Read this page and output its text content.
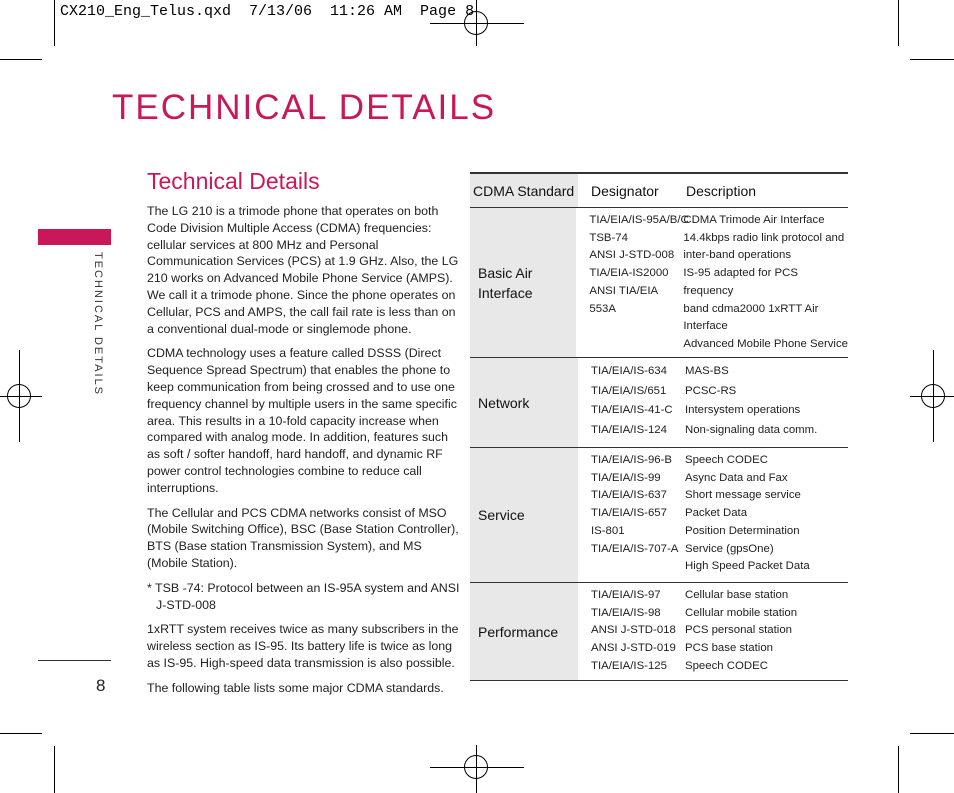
CX210_Eng_Telus.qxd  7/13/06  11:26 AM  Page 8
TECHNICAL DETAILS
TECHNICAL DETAILS
8
Technical Details

The LG 210 is a trimode phone that operates on both Code Division Multiple Access (CDMA) frequencies: cellular services at 800 MHz and Personal Communication Services (PCS) at 1.9 GHz. Also, the LG 210 works on Advanced Mobile Phone Service (AMPS). We call it a trimode phone. Since the phone operates on Cellular, PCS and AMPS, the call fail rate is less than on a conventional dual-mode or singlemode phone.

CDMA technology uses a feature called DSSS (Direct Sequence Spread Spectrum) that enables the phone to keep communication from being crossed and to use one frequency channel by multiple users in the same specific area. This results in a 10-fold capacity increase when compared with analog mode. In addition, features such as soft / softer handoff, hard handoff, and dynamic RF power control technologies combine to reduce call interruptions.

The Cellular and PCS CDMA networks consist of MSO (Mobile Switching Office), BSC (Base Station Controller), BTS (Base station Transmission System), and MS (Mobile Station).

* TSB -74: Protocol between an IS-95A system and ANSI J-STD-008

1xRTT system receives twice as many subscribers in the wireless section as IS-95. Its battery life is twice as long as IS-95. High-speed data transmission is also possible.

The following table lists some major CDMA standards.

CDMA Standard	Designator	Description
Basic Air Interface
TIA/EIA/IS-95A/B/C
TSB-74
ANSI J-STD-008
TIA/EIA-IS2000
ANSI TIA/EIA
553A
CDMA Trimode Air Interface
14.4kbps radio link protocol and
inter-band operations
IS-95 adapted for PCS
frequency
band cdma2000 1xRTT Air
Interface
Advanced Mobile Phone Service
Network
TIA/EIA/IS-634
TIA/EIA/IS/651
TIA/EIA/IS-41-C
TIA/EIA/IS-124
MAS-BS
PCSC-RS
Intersystem operations
Non-signaling data comm.
Service
TIA/EIA/IS-96-B
TIA/EIA/IS-99
TIA/EIA/IS-637
TIA/EIA/IS-657
IS-801
TIA/EIA/IS-707-A
Speech CODEC
Async Data and Fax
Short message service
Packet Data
Position Determination
Service (gpsOne)
High Speed Packet Data
Performance
TIA/EIA/IS-97
TIA/EIA/IS-98
ANSI J-STD-018
ANSI J-STD-019
TIA/EIA/IS-125
Cellular base station
Cellular mobile station
PCS personal station
PCS base station
Speech CODEC
